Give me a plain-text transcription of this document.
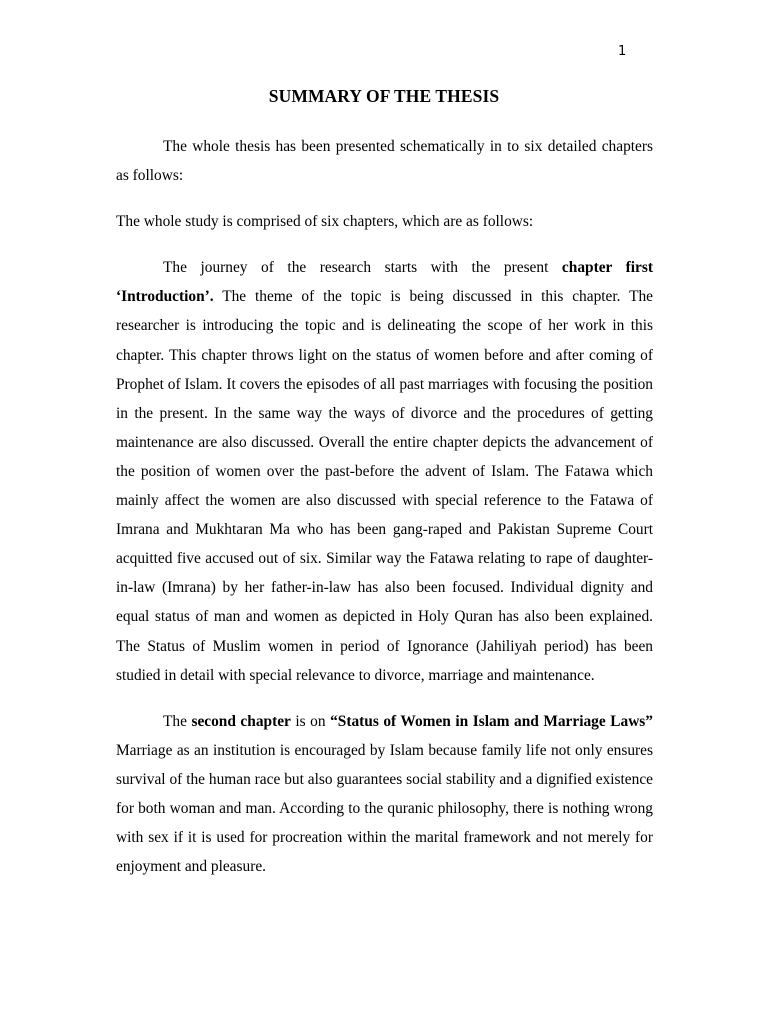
1
SUMMARY OF THE THESIS

The whole thesis has been presented schematically in to six detailed chapters as follows:

The whole study is comprised of six chapters, which are as follows:

The journey of the research starts with the present chapter first ‘Introduction’. The theme of the topic is being discussed in this chapter. The researcher is introducing the topic and is delineating the scope of her work in this chapter. This chapter throws light on the status of women before and after coming of Prophet of Islam. It covers the episodes of all past marriages with focusing the position in the present. In the same way the ways of divorce and the procedures of getting maintenance are also discussed. Overall the entire chapter depicts the advancement of the position of women over the past-before the advent of Islam. The Fatawa which mainly affect the women are also discussed with special reference to the Fatawa of Imrana and Mukhtaran Ma who has been gang-raped and Pakistan Supreme Court acquitted five accused out of six. Similar way the Fatawa relating to rape of daughter-in-law (Imrana) by her father-in-law has also been focused. Individual dignity and equal status of man and women as depicted in Holy Quran has also been explained. The Status of Muslim women in period of Ignorance (Jahiliyah period) has been studied in detail with special relevance to divorce, marriage and maintenance.

The second chapter is on “Status of Women in Islam and Marriage Laws” Marriage as an institution is encouraged by Islam because family life not only ensures survival of the human race but also guarantees social stability and a dignified existence for both woman and man. According to the quranic philosophy, there is nothing wrong with sex if it is used for procreation within the marital framework and not merely for enjoyment and pleasure.
